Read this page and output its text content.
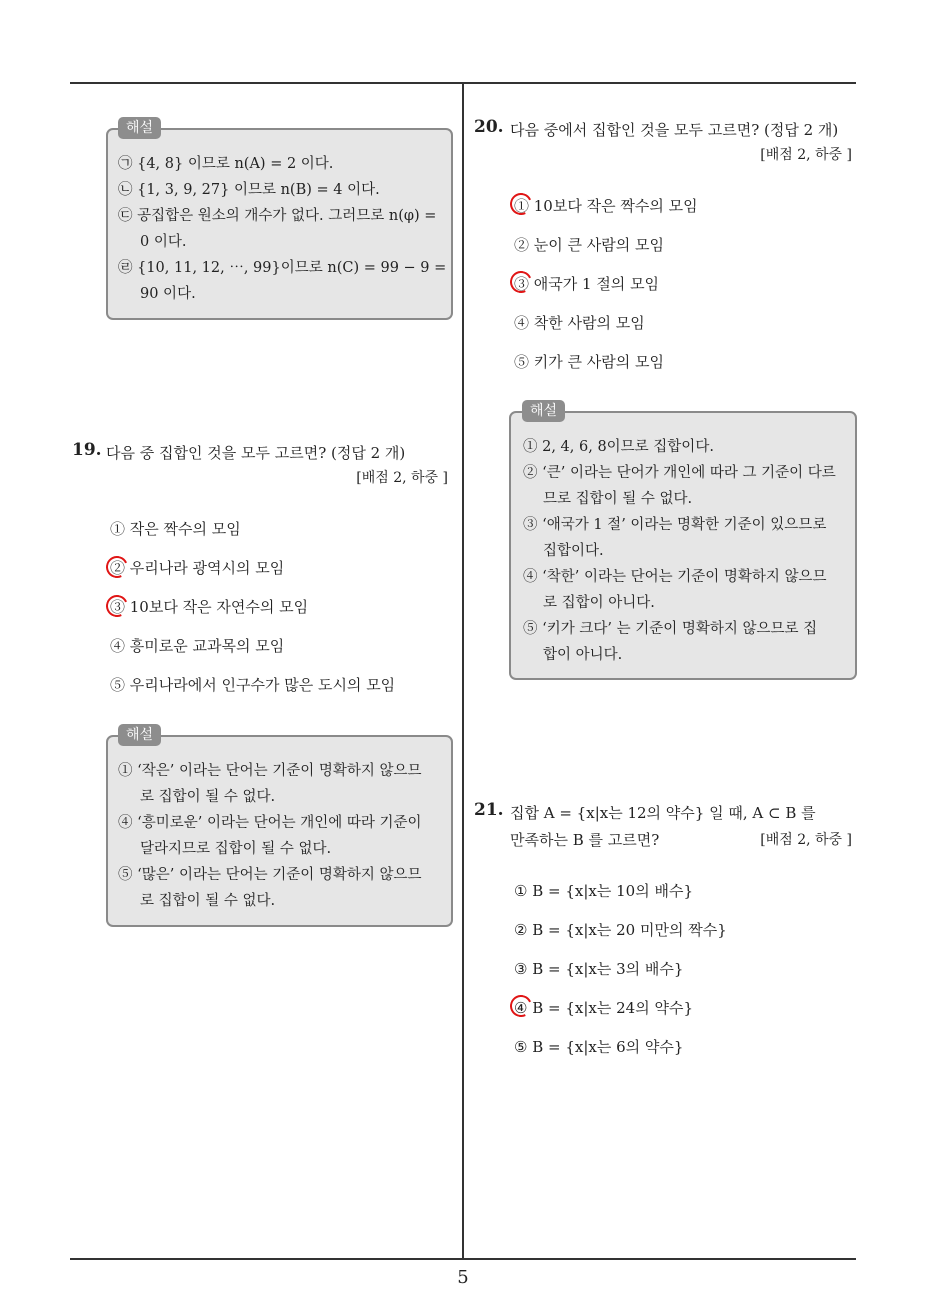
㉠ {4, 8} 이므로 n(A) = 2 이다.
㉡ {1, 3, 9, 27} 이므로 n(B) = 4 이다.
㉢ 공집합은 원소의 개수가 없다. 그러므로 n(φ) =
0 이다.
㉣ {10, 11, 12, ⋯, 99}이므로 n(C) = 99 − 9 =
90 이다.
해설
19. 다음 중 집합인 것을 모두 고르면? (정답 2 개)
[배점 2, 하중 ]
① 작은 짝수의 모임
② 우리나라 광역시의 모임
③ 10보다 작은 자연수의 모임
④ 흥미로운 교과목의 모임
⑤ 우리나라에서 인구수가 많은 도시의 모임
① ‘작은’ 이라는 단어는 기준이 명확하지 않으므
로 집합이 될 수 없다.
④ ‘흥미로운’ 이라는 단어는 개인에 따라 기준이
달라지므로 집합이 될 수 없다.
⑤ ‘많은’ 이라는 단어는 기준이 명확하지 않으므
로 집합이 될 수 없다.
해설
20. 다음 중에서 집합인 것을 모두 고르면? (정답 2 개)
[배점 2, 하중 ]
① 10보다 작은 짝수의 모임
② 눈이 큰 사람의 모임
③ 애국가 1 절의 모임
④ 착한 사람의 모임
⑤ 키가 큰 사람의 모임
① 2, 4, 6, 8이므로 집합이다.
② ‘큰’ 이라는 단어가 개인에 따라 그 기준이 다르
므로 집합이 될 수 없다.
③ ‘애국가 1 절’ 이라는 명확한 기준이 있으므로
집합이다.
④ ‘착한’ 이라는 단어는 기준이 명확하지 않으므
로 집합이 아니다.
⑤ ‘키가 크다’ 는 기준이 명확하지 않으므로 집
합이 아니다.
해설
21. 집합 A = {x|x는 12의 약수} 일 때, A ⊂ B 를
만족하는 B 를 고르면?	[배점 2, 하중 ]
① B = {x|x는 10의 배수}
② B = {x|x는 20 미만의 짝수}
③ B = {x|x는 3의 배수}
④ B = {x|x는 24의 약수}
⑤ B = {x|x는 6의 약수}
5
